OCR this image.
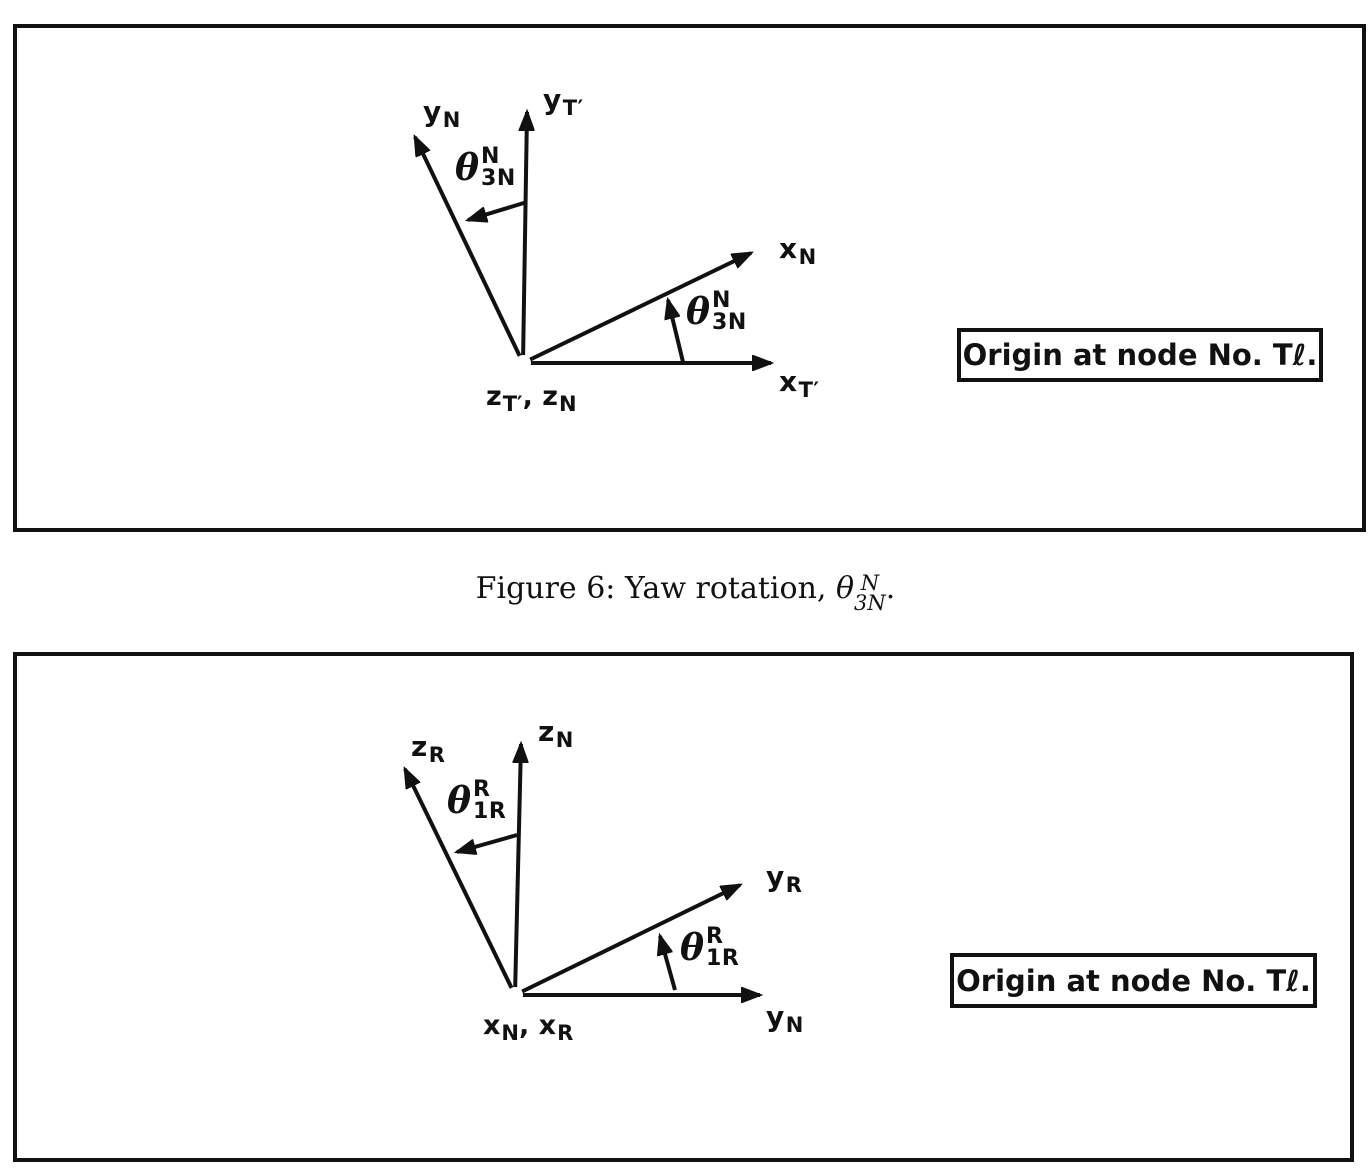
$y_N$
$y_{T'}$
θ N
3N
$x_N$
θ N
3N
$x_{T'}$
$z_{T'}$, $z_N$
Origin at node No. Tℓ.
Figure 6: Yaw rotation, θ N
3N .
$z_R$
$z_N$
θ R
1R
$y_R$
θ R
1R
$y_N$
$x_N$, $x_R$
Origin at node No. Tℓ.
